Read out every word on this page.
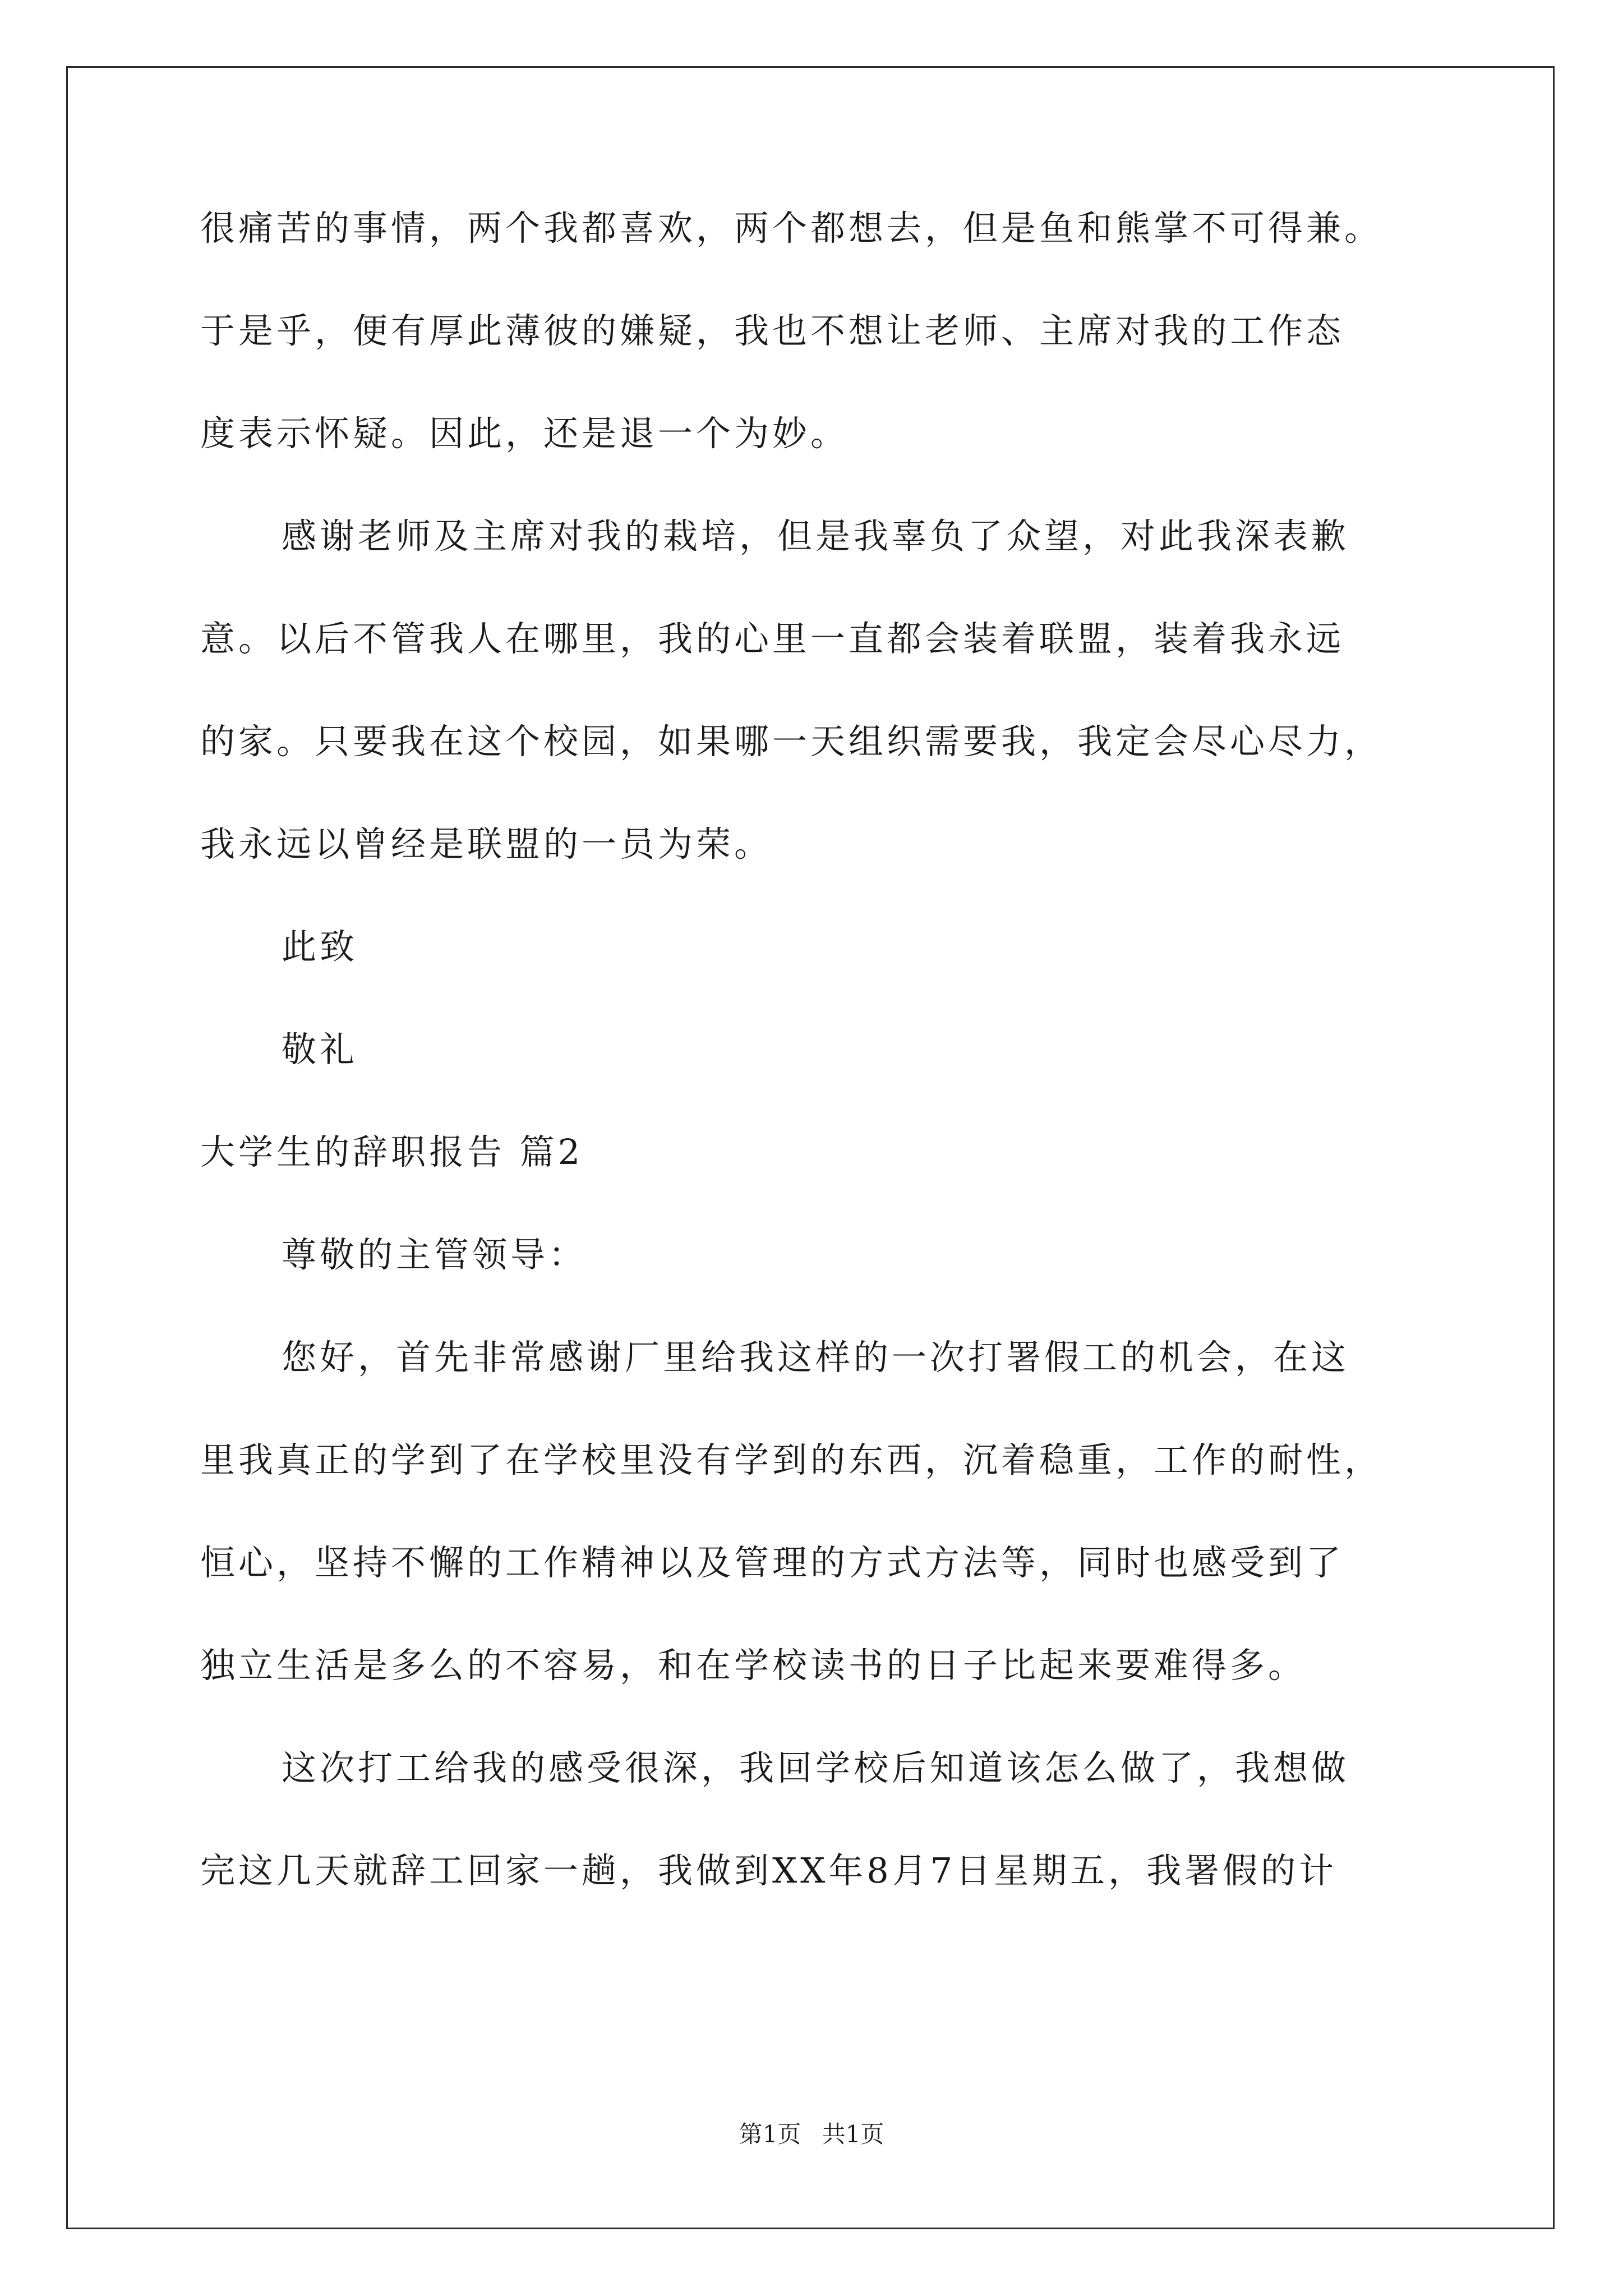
很痛苦的事情，两个我都喜欢，两个都想去，但是鱼和熊掌不可得兼。
于是乎，便有厚此薄彼的嫌疑，我也不想让老师、主席对我的工作态
度表示怀疑。因此，还是退一个为妙。
感谢老师及主席对我的栽培，但是我辜负了众望，对此我深表歉
意。以后不管我人在哪里，我的心里一直都会装着联盟，装着我永远
的家。只要我在这个校园，如果哪一天组织需要我，我定会尽心尽力，
我永远以曾经是联盟的一员为荣。
此致
敬礼
大学生的辞职报告 篇2
尊敬的主管领导：
您好，首先非常感谢厂里给我这样的一次打署假工的机会，在这
里我真正的学到了在学校里没有学到的东西，沉着稳重，工作的耐性，
恒心，坚持不懈的工作精神以及管理的方式方法等，同时也感受到了
独立生活是多么的不容易，和在学校读书的日子比起来要难得多。
这次打工给我的感受很深，我回学校后知道该怎么做了，我想做
完这几天就辞工回家一趟，我做到XX年8月7日星期五，我署假的计
第1页 共1页
